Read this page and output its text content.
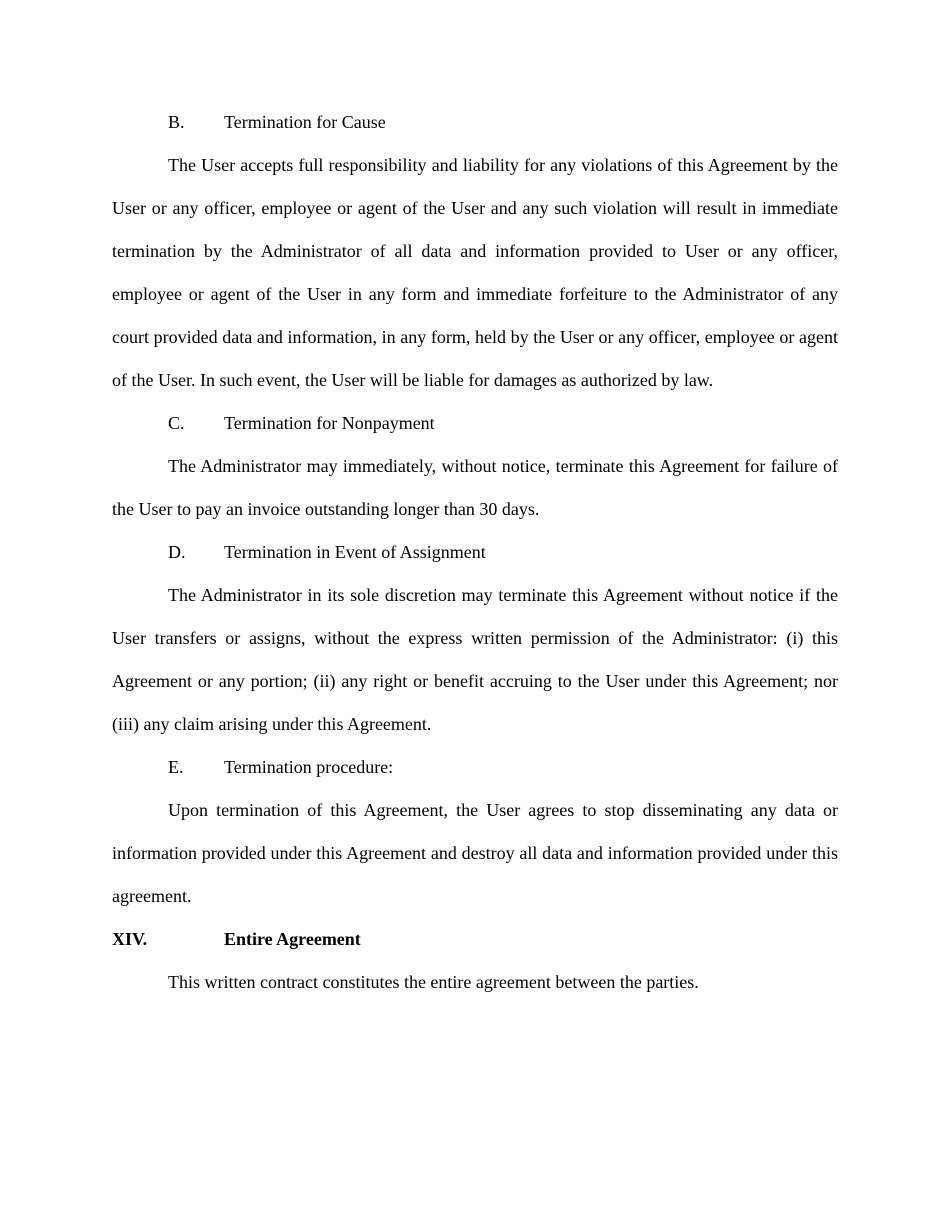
B. Termination for Cause

The User accepts full responsibility and liability for any violations of this Agreement by the User or any officer, employee or agent of the User and any such violation will result in immediate termination by the Administrator of all data and information provided to User or any officer, employee or agent of the User in any form and immediate forfeiture to the Administrator of any court provided data and information, in any form, held by the User or any officer, employee or agent of the User. In such event, the User will be liable for damages as authorized by law.

C. Termination for Nonpayment

The Administrator may immediately, without notice, terminate this Agreement for failure of the User to pay an invoice outstanding longer than 30 days.

D. Termination in Event of Assignment

The Administrator in its sole discretion may terminate this Agreement without notice if the User transfers or assigns, without the express written permission of the Administrator: (i) this Agreement or any portion; (ii) any right or benefit accruing to the User under this Agreement; nor (iii) any claim arising under this Agreement.

E. Termination procedure:

Upon termination of this Agreement, the User agrees to stop disseminating any data or information provided under this Agreement and destroy all data and information provided under this agreement.

XIV.	Entire Agreement

This written contract constitutes the entire agreement between the parties.
